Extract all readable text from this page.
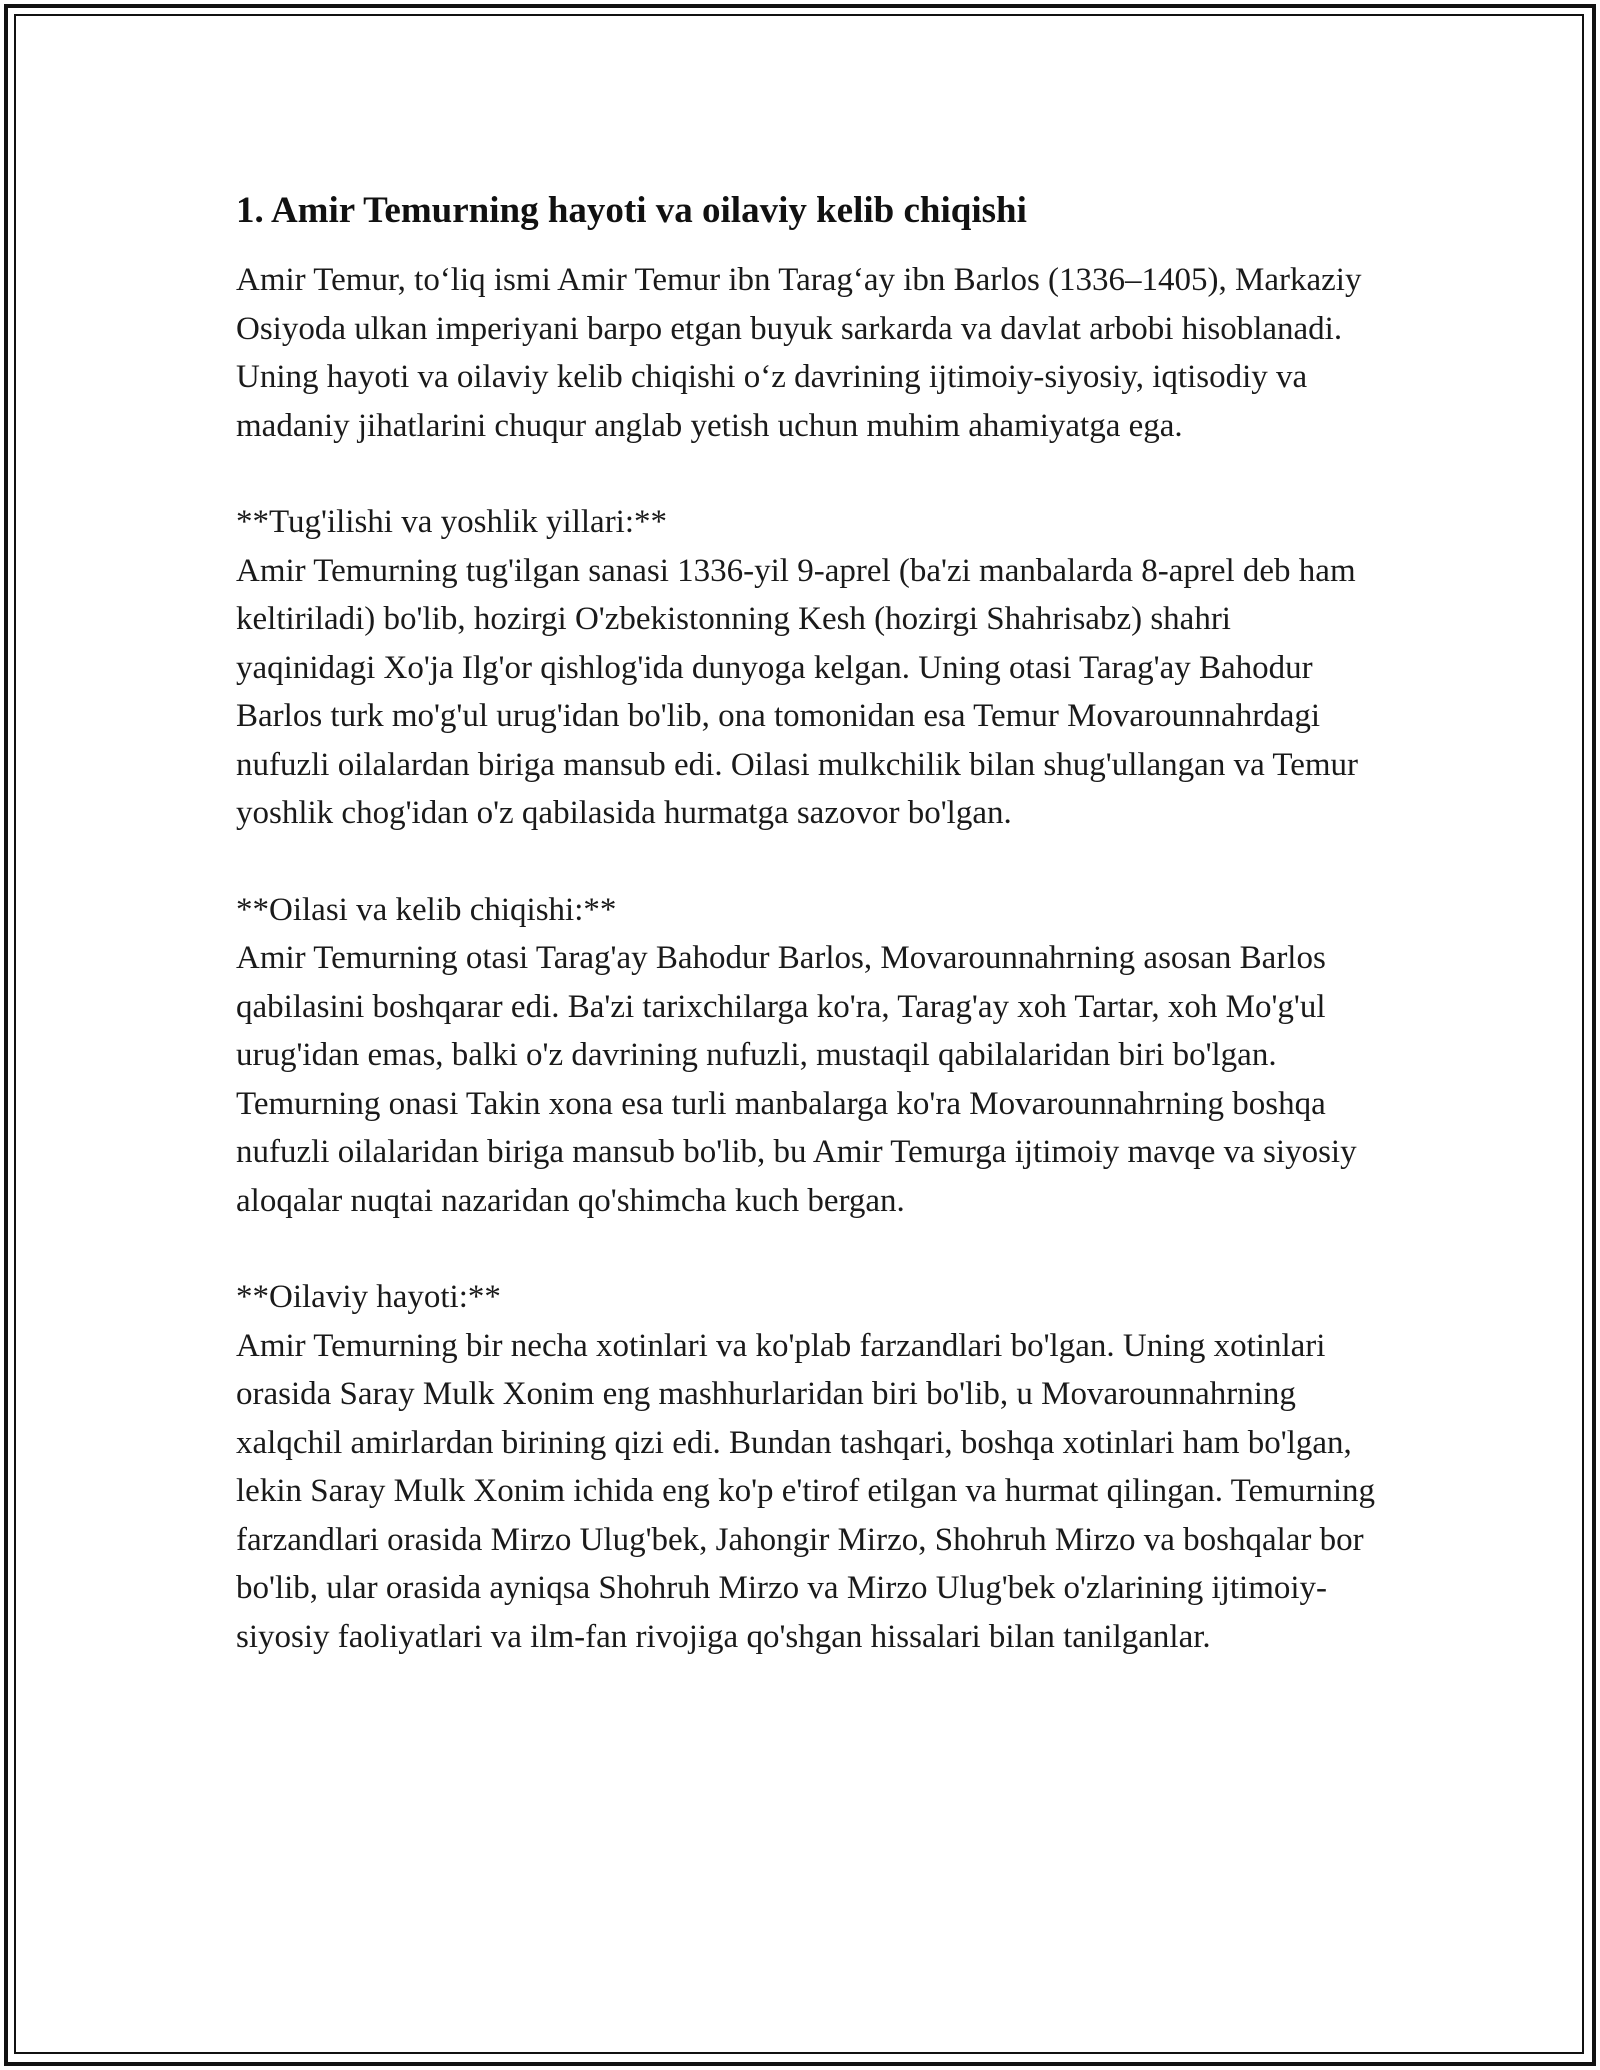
1. Amir Temurning hayoti va oilaviy kelib chiqishi

Amir Temur, to‘liq ismi Amir Temur ibn Tarag‘ay ibn Barlos (1336–1405), Markaziy Osiyoda ulkan imperiyani barpo etgan buyuk sarkarda va davlat arbobi hisoblanadi. Uning hayoti va oilaviy kelib chiqishi o‘z davrining ijtimoiy-siyosiy, iqtisodiy va madaniy jihatlarini chuqur anglab yetish uchun muhim ahamiyatga ega.

**Tug'ilishi va yoshlik yillari:**

Amir Temurning tug'ilgan sanasi 1336-yil 9-aprel (ba'zi manbalarda 8-aprel deb ham keltiriladi) bo'lib, hozirgi O'zbekistonning Kesh (hozirgi Shahrisabz) shahri yaqinidagi Xo'ja Ilg'or qishlog'ida dunyoga kelgan. Uning otasi Tarag'ay Bahodur Barlos turk mo'g'ul urug'idan bo'lib, ona tomonidan esa Temur Movarounnahrdagi nufuzli oilalardan biriga mansub edi. Oilasi mulkchilik bilan shug'ullangan va Temur yoshlik chog'idan o'z qabilasida hurmatga sazovor bo'lgan.

**Oilasi va kelib chiqishi:**

Amir Temurning otasi Tarag'ay Bahodur Barlos, Movarounnahrning asosan Barlos qabilasini boshqarar edi. Ba'zi tarixchilarga ko'ra, Tarag'ay xoh Tartar, xoh Mo'g'ul urug'idan emas, balki o'z davrining nufuzli, mustaqil qabilalaridan biri bo'lgan. Temurning onasi Takin xona esa turli manbalarga ko'ra Movarounnahrning boshqa nufuzli oilalaridan biriga mansub bo'lib, bu Amir Temurga ijtimoiy mavqe va siyosiy aloqalar nuqtai nazaridan qo'shimcha kuch bergan.

**Oilaviy hayoti:**

Amir Temurning bir necha xotinlari va ko'plab farzandlari bo'lgan. Uning xotinlari orasida Saray Mulk Xonim eng mashhurlaridan biri bo'lib, u Movarounnahrning xalqchil amirlardan birining qizi edi. Bundan tashqari, boshqa xotinlari ham bo'lgan, lekin Saray Mulk Xonim ichida eng ko'p e'tirof etilgan va hurmat qilingan. Temurning farzandlari orasida Mirzo Ulug'bek, Jahongir Mirzo, Shohruh Mirzo va boshqalar bor bo'lib, ular orasida ayniqsa Shohruh Mirzo va Mirzo Ulug'bek o'zlarining ijtimoiy-siyosiy faoliyatlari va ilm-fan rivojiga qo'shgan hissalari bilan tanilganlar.
